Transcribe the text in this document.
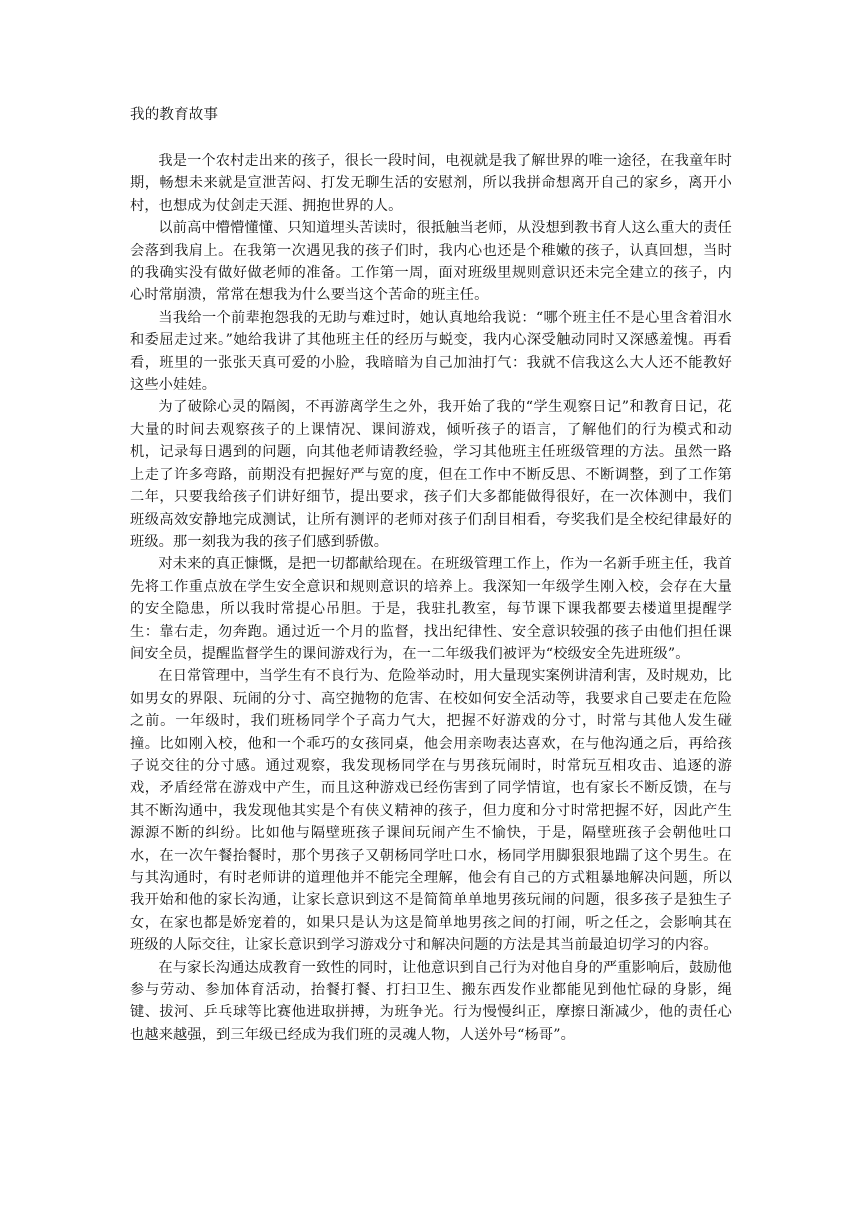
我的教育故事

我是一个农村走出来的孩子，很长一段时间，电视就是我了解世界的唯一途径，在我童年时期，畅想未来就是宣泄苦闷、打发无聊生活的安慰剂，所以我拼命想离开自己的家乡，离开小村，也想成为仗剑走天涯、拥抱世界的人。

以前高中懵懵懂懂、只知道埋头苦读时，很抵触当老师，从没想到教书育人这么重大的责任会落到我肩上。在我第一次遇见我的孩子们时，我内心也还是个稚嫩的孩子，认真回想，当时的我确实没有做好做老师的准备。工作第一周，面对班级里规则意识还未完全建立的孩子，内心时常崩溃，常常在想我为什么要当这个苦命的班主任。

当我给一个前辈抱怨我的无助与难过时，她认真地给我说：“哪个班主任不是心里含着泪水和委屈走过来。”她给我讲了其他班主任的经历与蜕变，我内心深受触动同时又深感羞愧。再看看，班里的一张张天真可爱的小脸，我暗暗为自己加油打气：我就不信我这么大人还不能教好这些小娃娃。

为了破除心灵的隔阂，不再游离学生之外，我开始了我的“学生观察日记”和教育日记，花大量的时间去观察孩子的上课情况、课间游戏，倾听孩子的语言，了解他们的行为模式和动机，记录每日遇到的问题，向其他老师请教经验，学习其他班主任班级管理的方法。虽然一路上走了许多弯路，前期没有把握好严与宽的度，但在工作中不断反思、不断调整，到了工作第二年，只要我给孩子们讲好细节，提出要求，孩子们大多都能做得很好，在一次体测中，我们班级高效安静地完成测试，让所有测评的老师对孩子们刮目相看，夸奖我们是全校纪律最好的班级。那一刻我为我的孩子们感到骄傲。

对未来的真正慷慨，是把一切都献给现在。在班级管理工作上，作为一名新手班主任，我首先将工作重点放在学生安全意识和规则意识的培养上。我深知一年级学生刚入校，会存在大量的安全隐患，所以我时常提心吊胆。于是，我驻扎教室，每节课下课我都要去楼道里提醒学生：靠右走，勿奔跑。通过近一个月的监督，找出纪律性、安全意识较强的孩子由他们担任课间安全员，提醒监督学生的课间游戏行为，在一二年级我们被评为“校级安全先进班级”。

在日常管理中，当学生有不良行为、危险举动时，用大量现实案例讲清利害，及时规劝，比如男女的界限、玩闹的分寸、高空抛物的危害、在校如何安全活动等，我要求自己要走在危险之前。一年级时，我们班杨同学个子高力气大，把握不好游戏的分寸，时常与其他人发生碰撞。比如刚入校，他和一个乖巧的女孩同桌，他会用亲吻表达喜欢，在与他沟通之后，再给孩子说交往的分寸感。通过观察，我发现杨同学在与男孩玩闹时，时常玩互相攻击、追逐的游戏，矛盾经常在游戏中产生，而且这种游戏已经伤害到了同学情谊，也有家长不断反馈，在与其不断沟通中，我发现他其实是个有侠义精神的孩子，但力度和分寸时常把握不好，因此产生源源不断的纠纷。比如他与隔壁班孩子课间玩闹产生不愉快，于是，隔壁班孩子会朝他吐口水，在一次午餐抬餐时，那个男孩子又朝杨同学吐口水，杨同学用脚狠狠地踹了这个男生。在与其沟通时，有时老师讲的道理他并不能完全理解，他会有自己的方式粗暴地解决问题，所以我开始和他的家长沟通，让家长意识到这不是简简单单地男孩玩闹的问题，很多孩子是独生子女，在家也都是娇宠着的，如果只是认为这是简单地男孩之间的打闹，听之任之，会影响其在班级的人际交往，让家长意识到学习游戏分寸和解决问题的方法是其当前最迫切学习的内容。

在与家长沟通达成教育一致性的同时，让他意识到自己行为对他自身的严重影响后，鼓励他参与劳动、参加体育活动，抬餐打餐、打扫卫生、搬东西发作业都能见到他忙碌的身影，绳键、拔河、乒乓球等比赛他进取拼搏，为班争光。行为慢慢纠正，摩擦日渐减少，他的责任心也越来越强，到三年级已经成为我们班的灵魂人物，人送外号“杨哥”。
